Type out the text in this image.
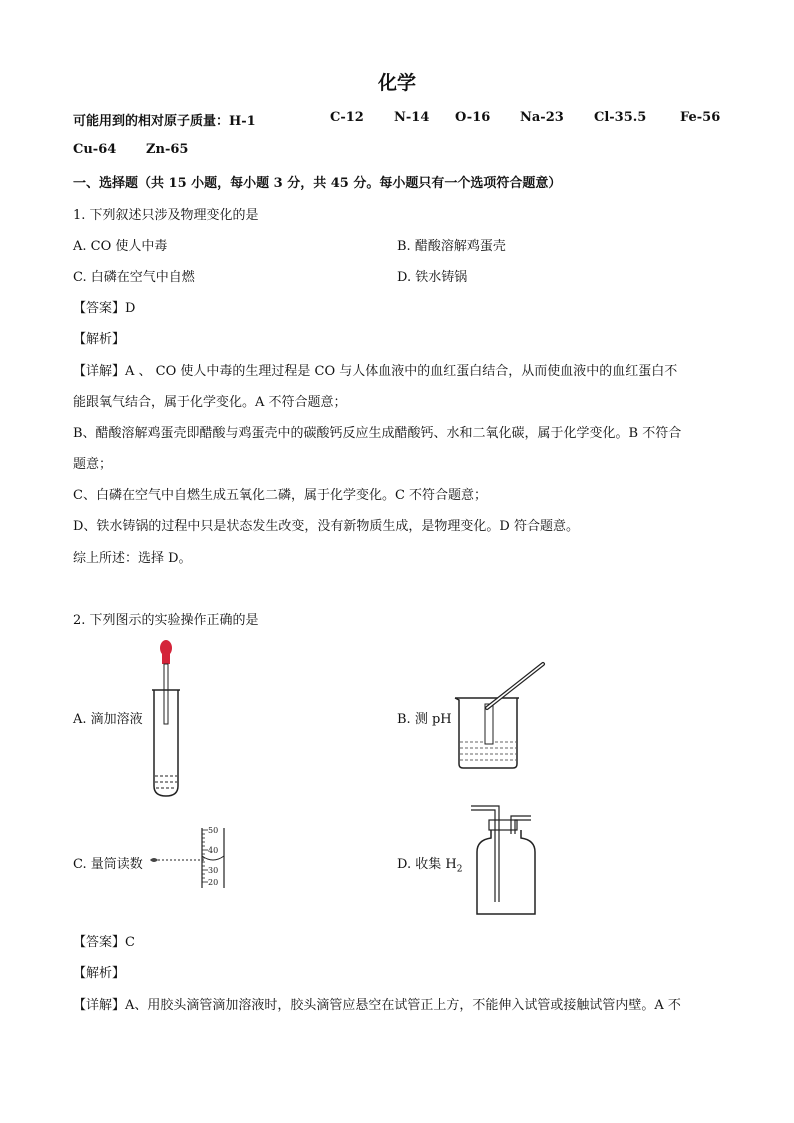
化学
可能用到的相对原子质量：H-1	C-12 N-14 O-16 Na-23 Cl-35.5	Fe-56
Cu-64 Zn-65
一、选择题（共 15 小题，每小题 3 分，共 45 分。每小题只有一个选项符合题意）
1. 下列叙述只涉及物理变化的是
A. CO 使人中毒	B. 醋酸溶解鸡蛋壳
C. 白磷在空气中自燃	D. 铁水铸锅
【答案】D
【解析】
【详解】A 、 CO 使人中毒的生理过程是 CO 与人体血液中的血红蛋白结合，从而使血液中的血红蛋白不
能跟氧气结合，属于化学变化。A 不符合题意；
B、醋酸溶解鸡蛋壳即醋酸与鸡蛋壳中的碳酸钙反应生成醋酸钙、水和二氧化碳，属于化学变化。B 不符合
题意；
C、白磷在空气中自燃生成五氧化二磷，属于化学变化。C 不符合题意；
D、铁水铸锅的过程中只是状态发生改变，没有新物质生成，是物理变化。D 符合题意。
综上所述：选择 D。
2. 下列图示的实验操作正确的是
A. 滴加溶液	B. 测 pH
C. 量筒读数
50
40
30
20
D. 收集 $H_2$
【答案】C
【解析】
【详解】A、用胶头滴管滴加溶液时，胶头滴管应悬空在试管正上方，不能伸入试管或接触试管内壁。A 不
